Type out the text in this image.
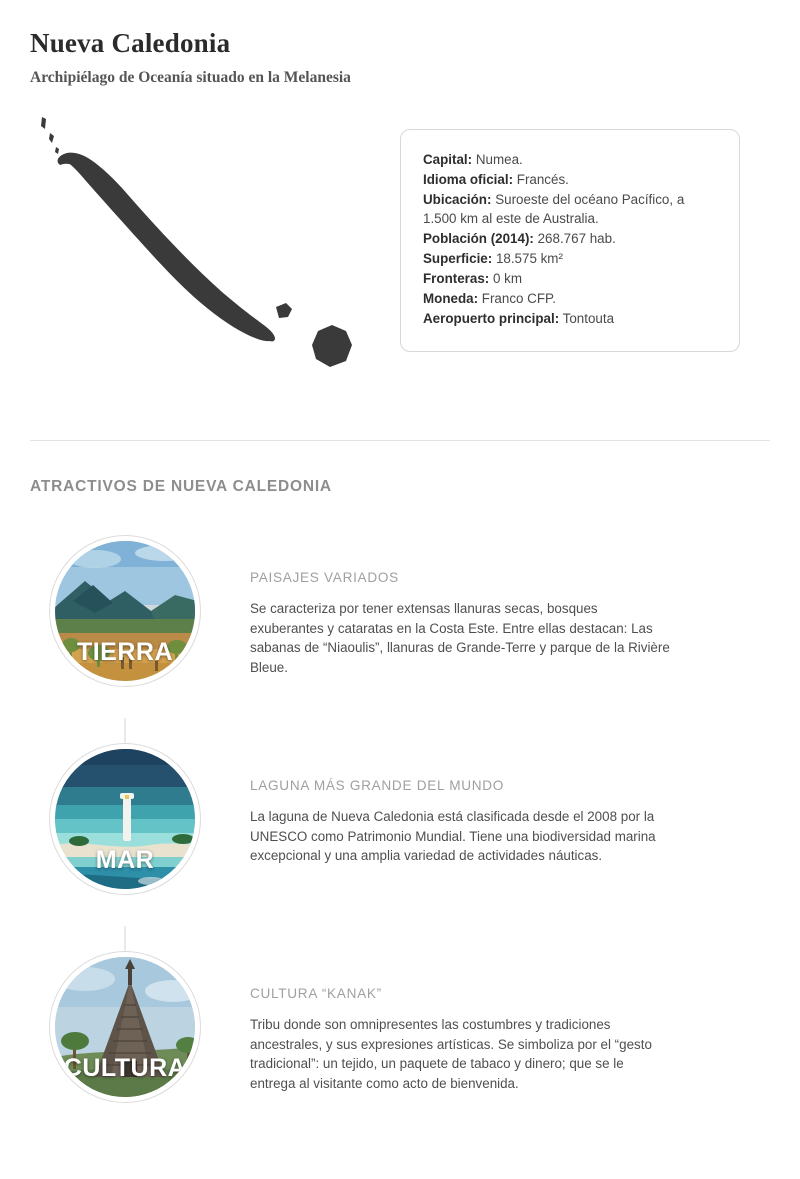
Nueva Caledonia

Archipiélago de Oceanía situado en la Melanesia

Capital: Numea.

Idioma oficial: Francés.

Ubicación: Suroeste del océano Pacífico, a 1.500 km al este de Australia.

Población (2014): 268.767 hab.

Superficie: 18.575 km²

Fronteras: 0 km

Moneda: Franco CFP.

Aeropuerto principal: Tontouta

ATRACTIVOS DE NUEVA CALEDONIA
TIERRA

PAISAJES VARIADOS

Se caracteriza por tener extensas llanuras secas, bosques exuberantes y cataratas en la Costa Este. Entre ellas destacan: Las sabanas de “Niaoulis”, llanuras de Grande-Terre y parque de la Rivière Bleue.

MAR

LAGUNA MÁS GRANDE DEL MUNDO

La laguna de Nueva Caledonia está clasificada desde el 2008 por la UNESCO como Patrimonio Mundial. Tiene una biodiversidad marina excepcional y una amplia variedad de actividades náuticas.

CULTURA

CULTURA “KANAK”

Tribu donde son omnipresentes las costumbres y tradiciones ancestrales, y sus expresiones artísticas. Se simboliza por el “gesto tradicional”: un tejido, un paquete de tabaco y dinero; que se le entrega al visitante como acto de bienvenida.
